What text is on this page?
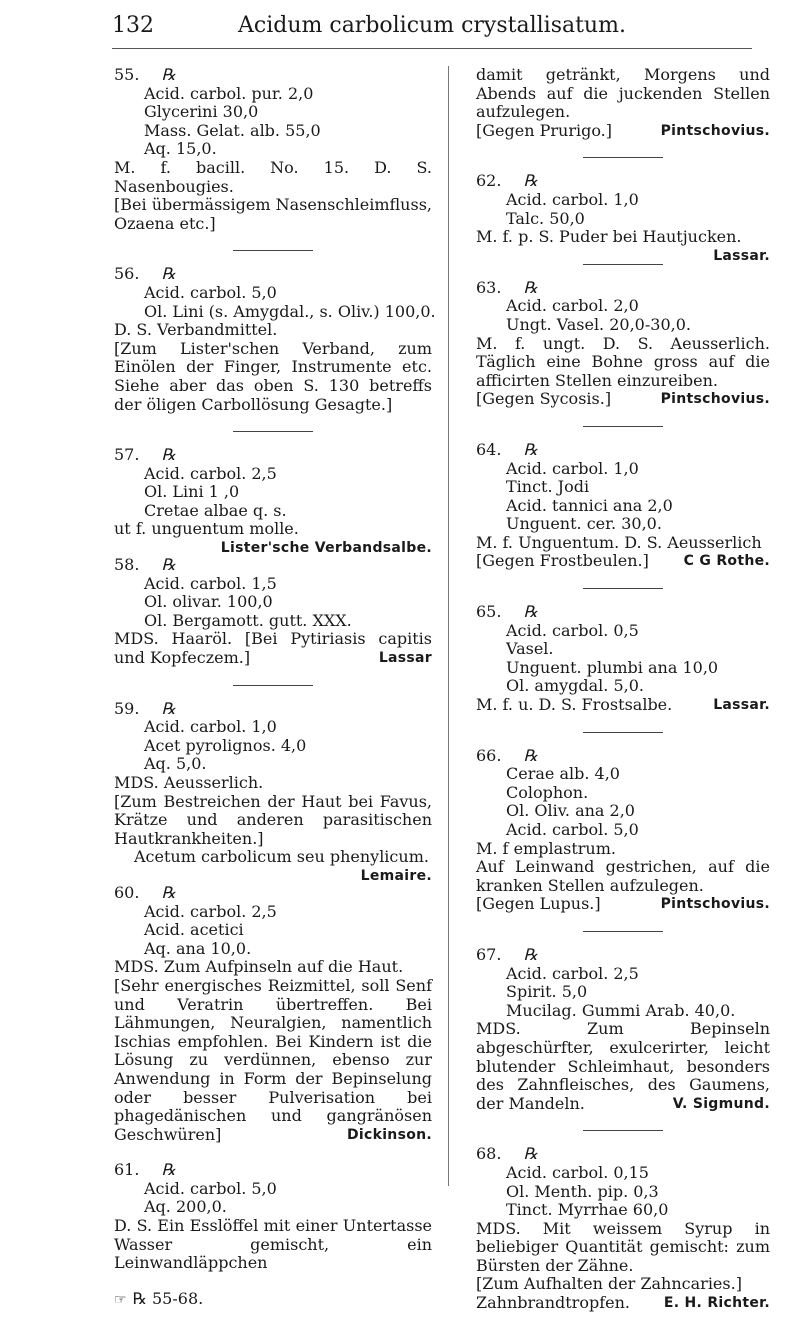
132	Acidum carbolicum crystallisatum.
55. ℞
Acid. carbol. pur. 2,0
Glycerini 30,0
Mass. Gelat. alb. 55,0
Aq. 15,0.
M. f. bacill. No. 15. D. S. Nasenbougies.
[Bei übermässigem Nasenschleimfluss, Ozaena etc.]
56. ℞
Acid. carbol. 5,0
Ol. Lini (s. Amygdal., s. Oliv.) 100,0.
D. S. Verbandmittel.
[Zum Lister'schen Verband, zum Einölen der Finger, Instrumente etc. Siehe aber das oben S. 130 betreffs der öligen Carbollösung Gesagte.]
57. ℞
Acid. carbol. 2,5
Ol. Lini 1 ,0
Cretae albae q. s.
ut f. unguentum molle.
Lister'sche Verbandsalbe.
58. ℞
Acid. carbol. 1,5
Ol. olivar. 100,0
Ol. Bergamott. gutt. XXX.
MDS. Haaröl. [Bei Pytiriasis capitis und Kopfeczem.]	Lassar
59. ℞
Acid. carbol. 1,0
Acet pyrolignos. 4,0
Aq. 5,0.
MDS. Aeusserlich.
[Zum Bestreichen der Haut bei Favus, Krätze und anderen parasitischen Hautkrankheiten.]
Acetum carbolicum seu phenylicum.
Lemaire.
60. ℞
Acid. carbol. 2,5
Acid. acetici
Aq. ana 10,0.
MDS. Zum Aufpinseln auf die Haut.
[Sehr energisches Reizmittel, soll Senf und Veratrin übertreffen. Bei Lähmungen, Neuralgien, namentlich Ischias empfohlen. Bei Kindern ist die Lösung zu verdünnen, ebenso zur Anwendung in Form der Bepinselung oder besser Pulverisation bei phagedänischen und gangränösen Geschwüren]	Dickinson.
61. ℞
Acid. carbol. 5,0
Aq. 200,0.
D. S. Ein Esslöffel mit einer Untertasse Wasser gemischt, ein Leinwandläppchen
☞ ℞ 55-68.
damit getränkt, Morgens und Abends auf die juckenden Stellen aufzulegen.
[Gegen Prurigo.]	Pintschovius.
62. ℞
Acid. carbol. 1,0
Talc. 50,0
M. f. p. S. Puder bei Hautjucken.
Lassar.
63. ℞
Acid. carbol. 2,0
Ungt. Vasel. 20,0-30,0.
M. f. ungt. D. S. Aeusserlich. Täglich eine Bohne gross auf die afficirten Stellen einzureiben.
[Gegen Sycosis.]	Pintschovius.
64. ℞
Acid. carbol. 1,0
Tinct. Jodi
Acid. tannici ana 2,0
Unguent. cer. 30,0.
M. f. Unguentum. D. S. Aeusserlich
[Gegen Frostbeulen.] C G Rothe.
65. ℞
Acid. carbol. 0,5
Vasel.
Unguent. plumbi ana 10,0
Ol. amygdal. 5,0.
M. f. u. D. S. Frostsalbe.	Lassar.
66. ℞
Cerae alb. 4,0
Colophon.
Ol. Oliv. ana 2,0
Acid. carbol. 5,0
M. f emplastrum.
Auf Leinwand gestrichen, auf die kranken Stellen aufzulegen.
[Gegen Lupus.]	Pintschovius.
67. ℞
Acid. carbol. 2,5
Spirit. 5,0
Mucilag. Gummi Arab. 40,0.
MDS. Zum Bepinseln abgeschürfter, exulcerirter, leicht blutender Schleimhaut, besonders des Zahnfleisches, des Gaumens, der Mandeln.	V. Sigmund.
68. ℞
Acid. carbol. 0,15
Ol. Menth. pip. 0,3
Tinct. Myrrhae 60,0
MDS. Mit weissem Syrup in beliebiger Quantität gemischt: zum Bürsten der Zähne.
[Zum Aufhalten der Zahncaries.]
Zahnbrandtropfen. E. H. Richter.
